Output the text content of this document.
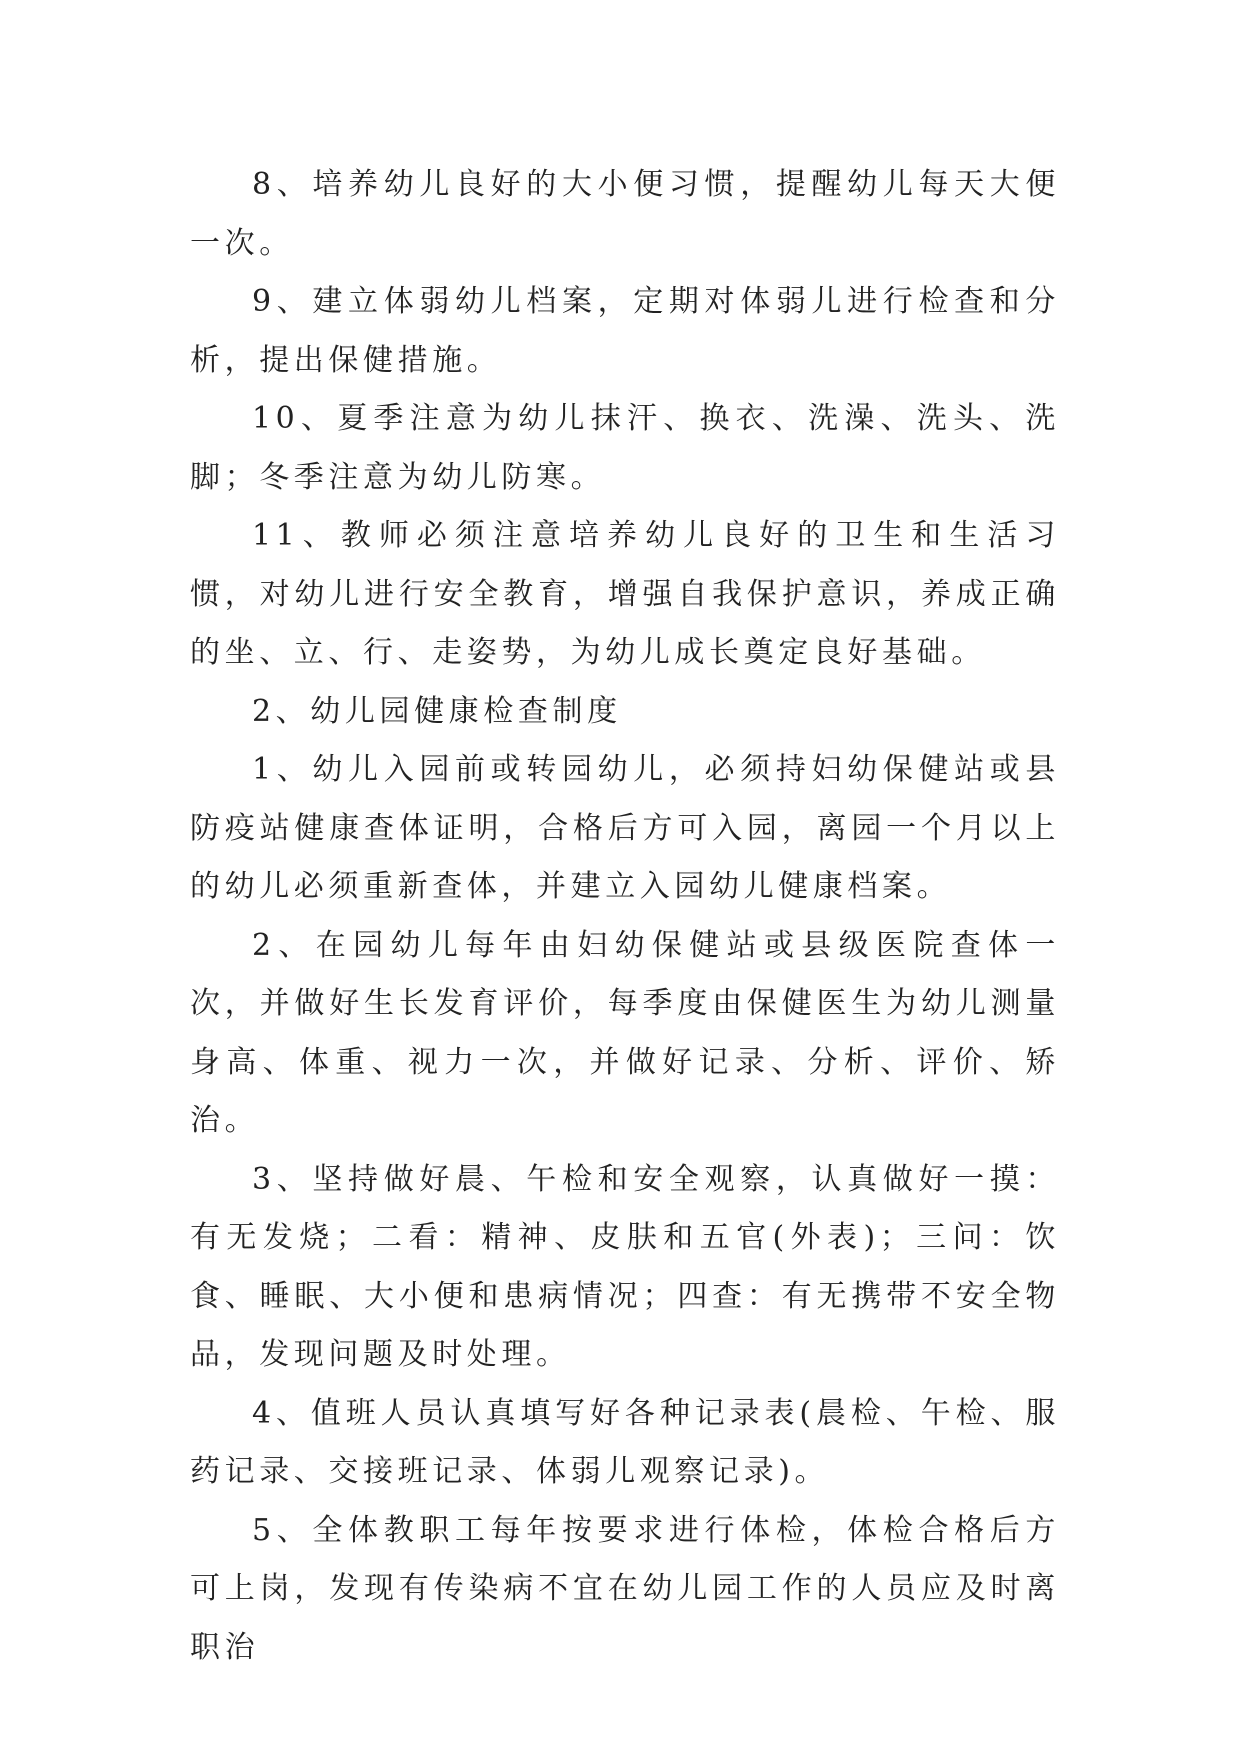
8、培养幼儿良好的大小便习惯，提醒幼儿每天大便一次。

9、建立体弱幼儿档案，定期对体弱儿进行检查和分析，提出保健措施。

10、夏季注意为幼儿抹汗、换衣、洗澡、洗头、洗脚；冬季注意为幼儿防寒。

11、教师必须注意培养幼儿良好的卫生和生活习惯，对幼儿进行安全教育，增强自我保护意识，养成正确的坐、立、行、走姿势，为幼儿成长奠定良好基础。

2、幼儿园健康检查制度

1、幼儿入园前或转园幼儿，必须持妇幼保健站或县防疫站健康查体证明，合格后方可入园，离园一个月以上的幼儿必须重新查体，并建立入园幼儿健康档案。

2、在园幼儿每年由妇幼保健站或县级医院查体一次，并做好生长发育评价，每季度由保健医生为幼儿测量身高、体重、视力一次，并做好记录、分析、评价、矫治。

3、坚持做好晨、午检和安全观察，认真做好一摸：有无发烧；二看：精神、皮肤和五官(外表)；三问：饮食、睡眠、大小便和患病情况；四查：有无携带不安全物品，发现问题及时处理。

4、值班人员认真填写好各种记录表(晨检、午检、服药记录、交接班记录、体弱儿观察记录)。

5、全体教职工每年按要求进行体检，体检合格后方可上岗，发现有传染病不宜在幼儿园工作的人员应及时离职治
